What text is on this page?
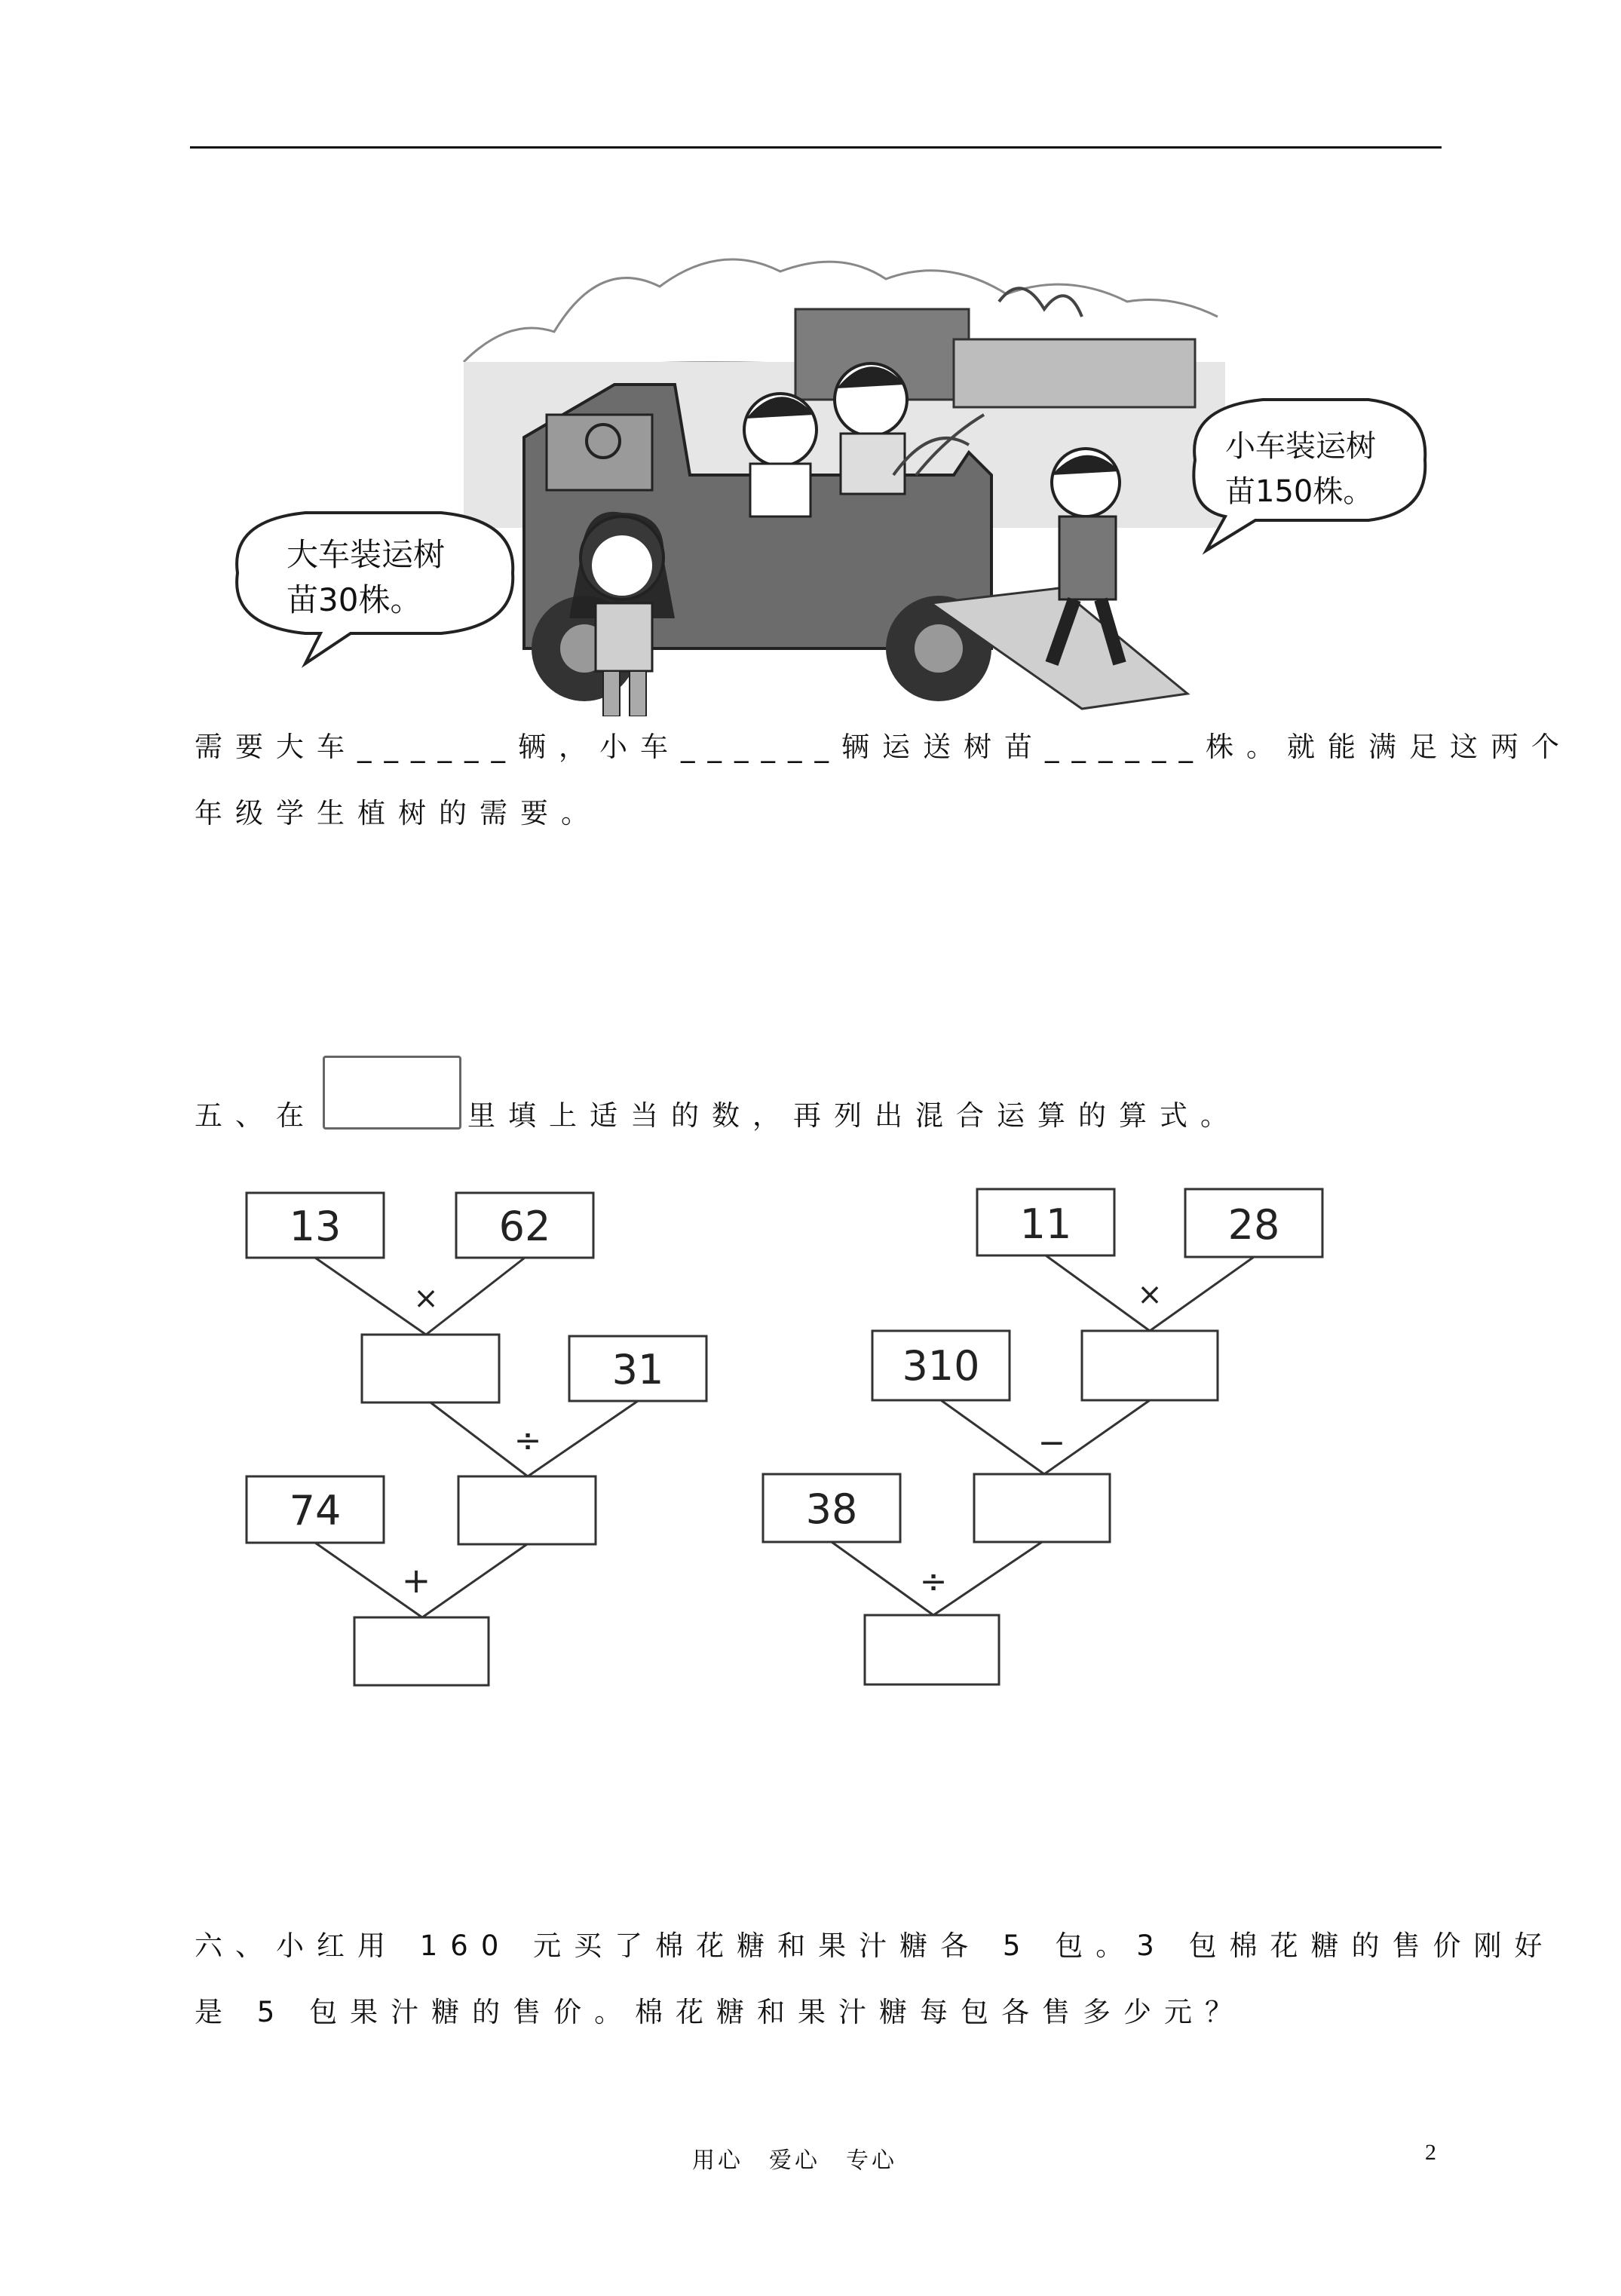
大车装运树
苗30株。
小车装运树
苗150株。
需要大车______辆，小车______辆运送树苗______株。就能满足这两个
年级学生植树的需要。
五、在	里填上适当的数，再列出混合运算的算式。
13	62
×
31
÷
74
+
11	28
×
310
−
38
÷
六、小红用 160 元买了棉花糖和果汁糖各 5 包。3 包棉花糖的售价刚好
是 5 包果汁糖的售价。棉花糖和果汁糖每包各售多少元？
用心　爱心　专心	2
